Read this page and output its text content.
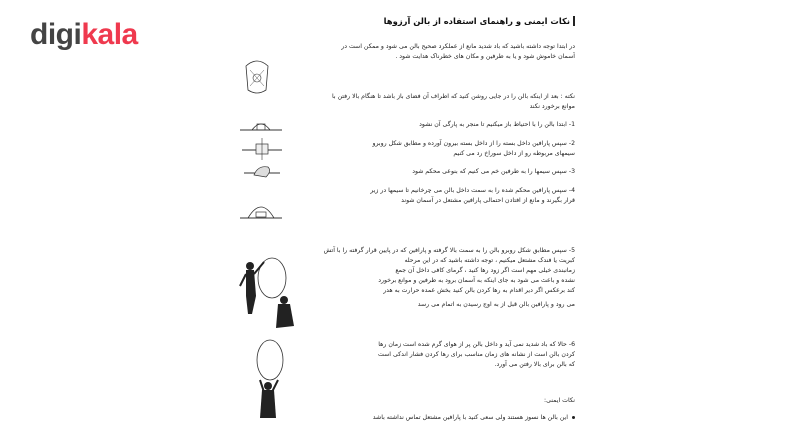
digikala	نکات ایمنی و راهنمای استفاده از بالن آرزوها
در ابتدا توجه داشته باشید که باد شدید مانع از عملکرد صحیح بالن می شود و ممکن است در
آسمان خاموش شود و یا به طرفین و مکان های خطرناک هدایت شود .
نکته : بعد از اینکه بالن را در جایی روشن کنید که اطراف آن فضای باز باشد تا هنگام بالا رفتن با
موانع برخورد نکند
1- ابتدا بالن را با احتیاط باز میکنیم تا منجر به پارگی آن نشود
2- سپس پارافین داخل بسته را از داخل بسته بیرون آورده و مطابق شکل روبرو
سیمهای مربوطه رو از داخل سوراخ رد می کنیم
3- سپس سیمها را به طرفین خم می کنیم که بنوعی محکم شود
4- سپس پارافین محکم شده را به سمت داخل بالن می چرخانیم تا سیمها در زیر
قرار بگیرند و مانع از افتادن احتمالی پارافین مشتعل در آسمان شوند
5- سپس مطابق شکل روبرو بالن را به سمت بالا گرفته و پارافین که در پایین قرار گرفته را با آتش
کبریت یا فندک مشتعل میکنیم ، توجه داشته باشید که در این مرحله
زمانبندی خیلی مهم است اگر زود رها کنید ، گرمای کافی داخل آن جمع
نشده و باعث می شود به جای اینکه به آسمان برود به طرفین و موانع برخورد
کند برعکس اگر دیر اقدام به رها کردن بالن کنید بخش عمده حرارت به هدر
می رود و پارافین بالن قبل از به اوج رسیدن به اتمام می رسد
6- حالا که باد شدید نمی آید و داخل بالن پر از هوای گرم شده است زمان رها
کردن بالن است از نشانه های زمان مناسب برای رها کردن فشار اندکی است
که بالن برای بالا رفتن می آورد.
نکات ایمنی:
این بالن ها نسوز هستند ولی سعی کنید با پارافین مشتعل تماس نداشته باشد
